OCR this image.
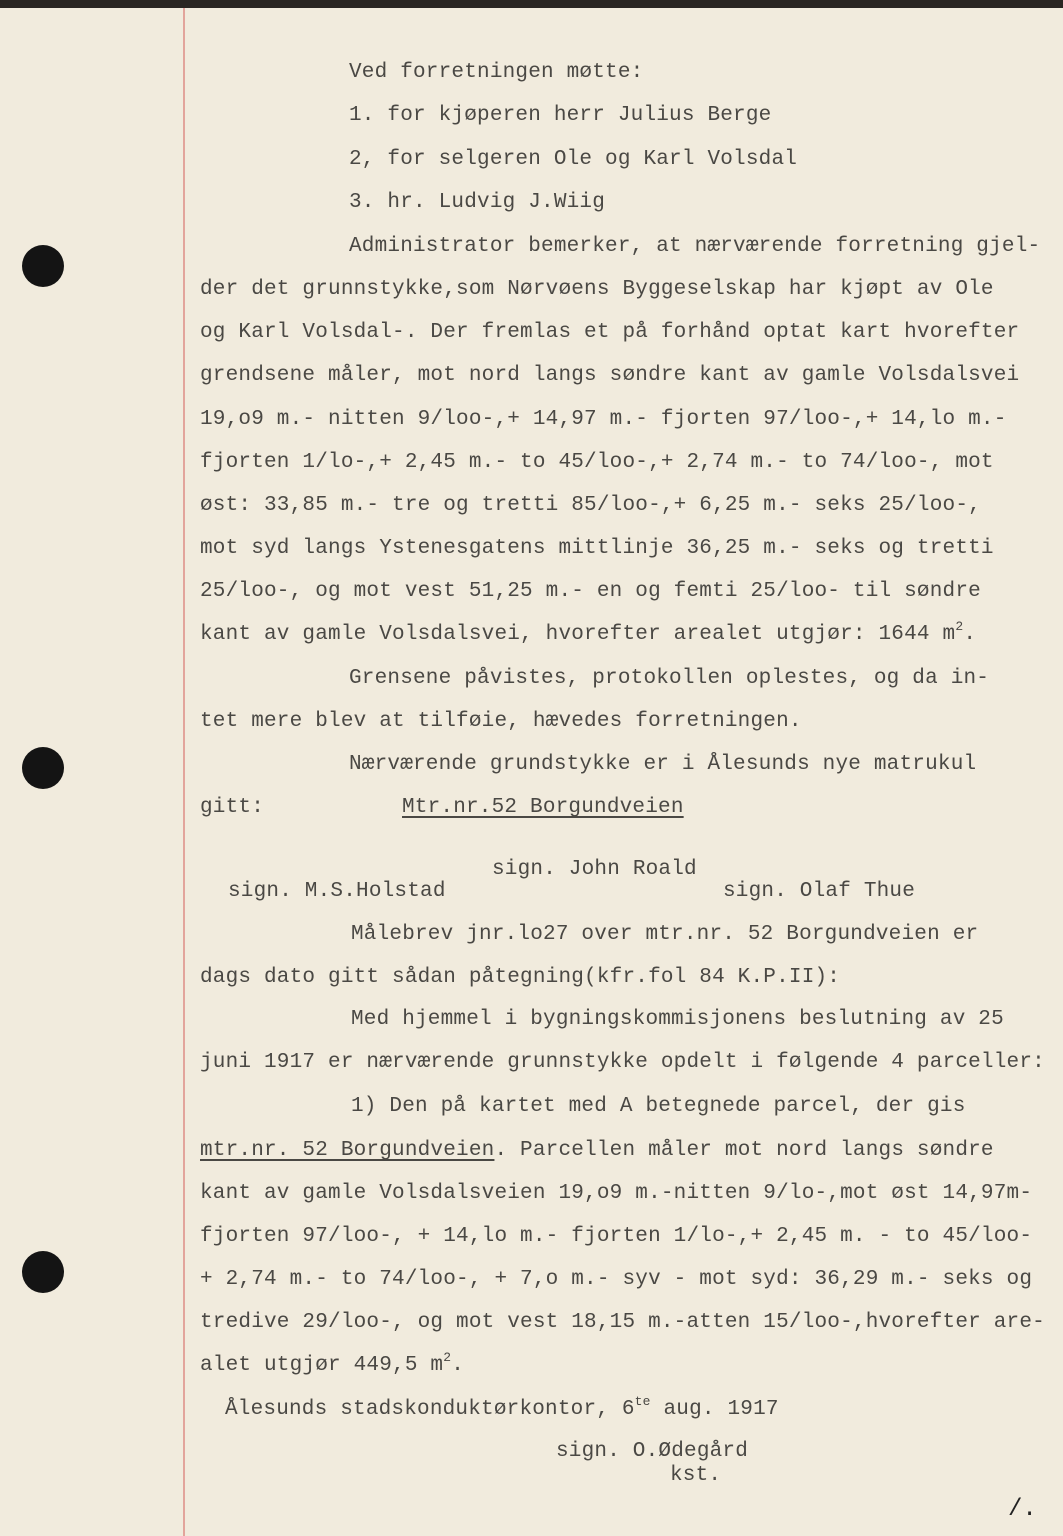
Ved forretningen møtte:
1. for kjøperen herr Julius Berge
2, for selgeren Ole og Karl Volsdal
3. hr. Ludvig J.Wiig
Administrator bemerker, at nærværende forretning gjel-
der det grunnstykke,som Nørvøens Byggeselskap har kjøpt av Ole
og Karl Volsdal-. Der fremlas et på forhånd optat kart hvorefter
grendsene måler, mot nord langs søndre kant av gamle Volsdalsvei
19,o9 m.- nitten 9/loo-,+ 14,97 m.- fjorten 97/loo-,+ 14,lo m.-
fjorten 1/lo-,+ 2,45 m.- to 45/loo-,+ 2,74 m.- to 74/loo-, mot
øst: 33,85 m.- tre og tretti 85/loo-,+ 6,25 m.- seks 25/loo-,
mot syd langs Ystenesgatens mittlinje 36,25 m.- seks og tretti
25/loo-, og mot vest 51,25 m.- en og femti 25/loo- til søndre
kant av gamle Volsdalsvei, hvorefter arealet utgjør: 1644 $m^2$.
Grensene påvistes, protokollen oplestes, og da in-
tet mere blev at tilføie, hævedes forretningen.
Nærværende grundstykke er i Ålesunds nye matrukul
gitt:	Mtr.nr.52 Borgundveien
sign. John Roald
sign. M.S.Holstad	sign. Olaf Thue
Målebrev jnr.lo27 over mtr.nr. 52 Borgundveien er
dags dato gitt sådan påtegning(kfr.fol 84 K.P.II):
Med hjemmel i bygningskommisjonens beslutning av 25
juni 1917 er nærværende grunnstykke opdelt i følgende 4 parceller:
1) Den på kartet med A betegnede parcel, der gis
mtr.nr. 52 Borgundveien. Parcellen måler mot nord langs søndre
kant av gamle Volsdalsveien 19,o9 m.-nitten 9/lo-,mot øst 14,97m-
fjorten 97/loo-, + 14,lo m.- fjorten 1/lo-,+ 2,45 m. - to 45/loo-
+ 2,74 m.- to 74/loo-, + 7,o m.- syv - mot syd: 36,29 m.- seks og
tredive 29/loo-, og mot vest 18,15 m.-atten 15/loo-,hvorefter are-
alet utgjør 449,5 $m^2$.
Ålesunds stadskonduktørkontor, $6^{te}$ aug. 1917
sign. O.Ødegård
kst.
/.
